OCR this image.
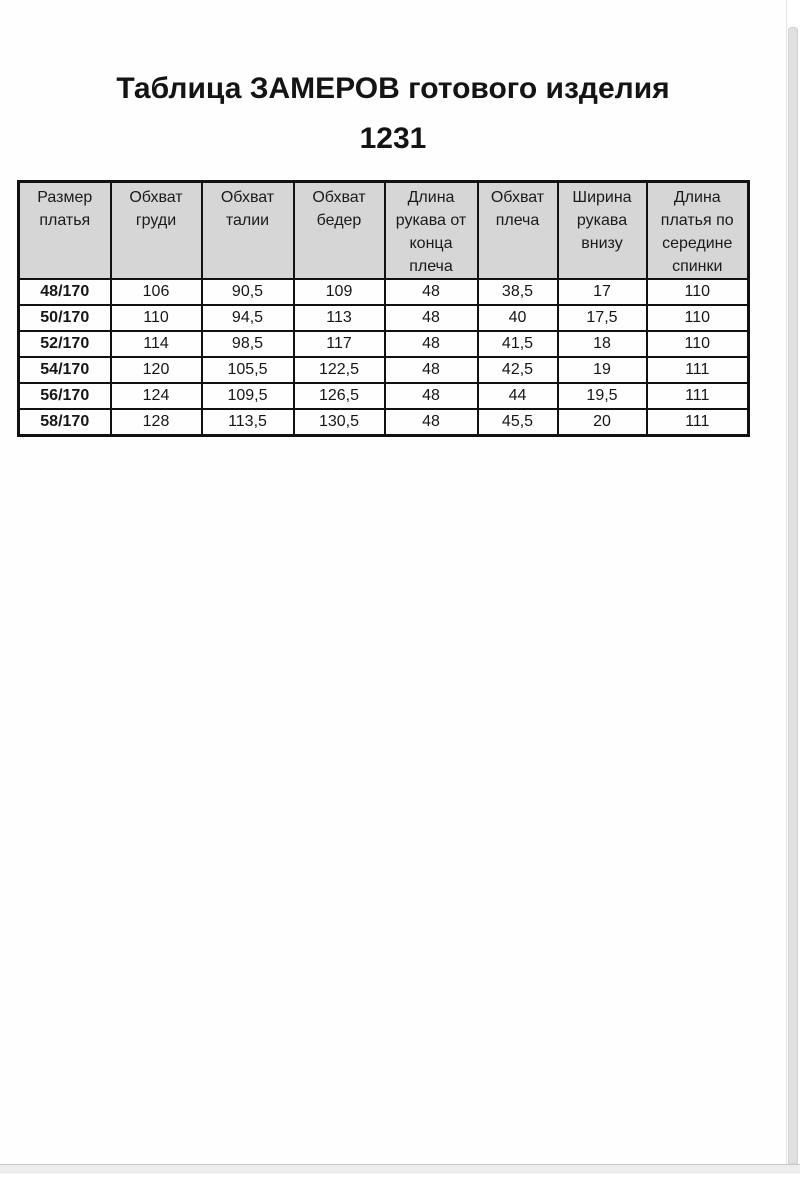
Таблица ЗАМЕРОВ готового изделия
1231
Размер платья	Обхват груди	Обхват талии	Обхват бедер	Длина рукава от конца плеча	Обхват плеча	Ширина рукава внизу	Длина платья по середине спинки
48/170	106	90,5	109	48	38,5	17	110
50/170	110	94,5	113	48	40	17,5	110
52/170	114	98,5	117	48	41,5	18	110
54/170	120	105,5	122,5	48	42,5	19	111
56/170	124	109,5	126,5	48	44	19,5	111
58/170	128	113,5	130,5	48	45,5	20	111
